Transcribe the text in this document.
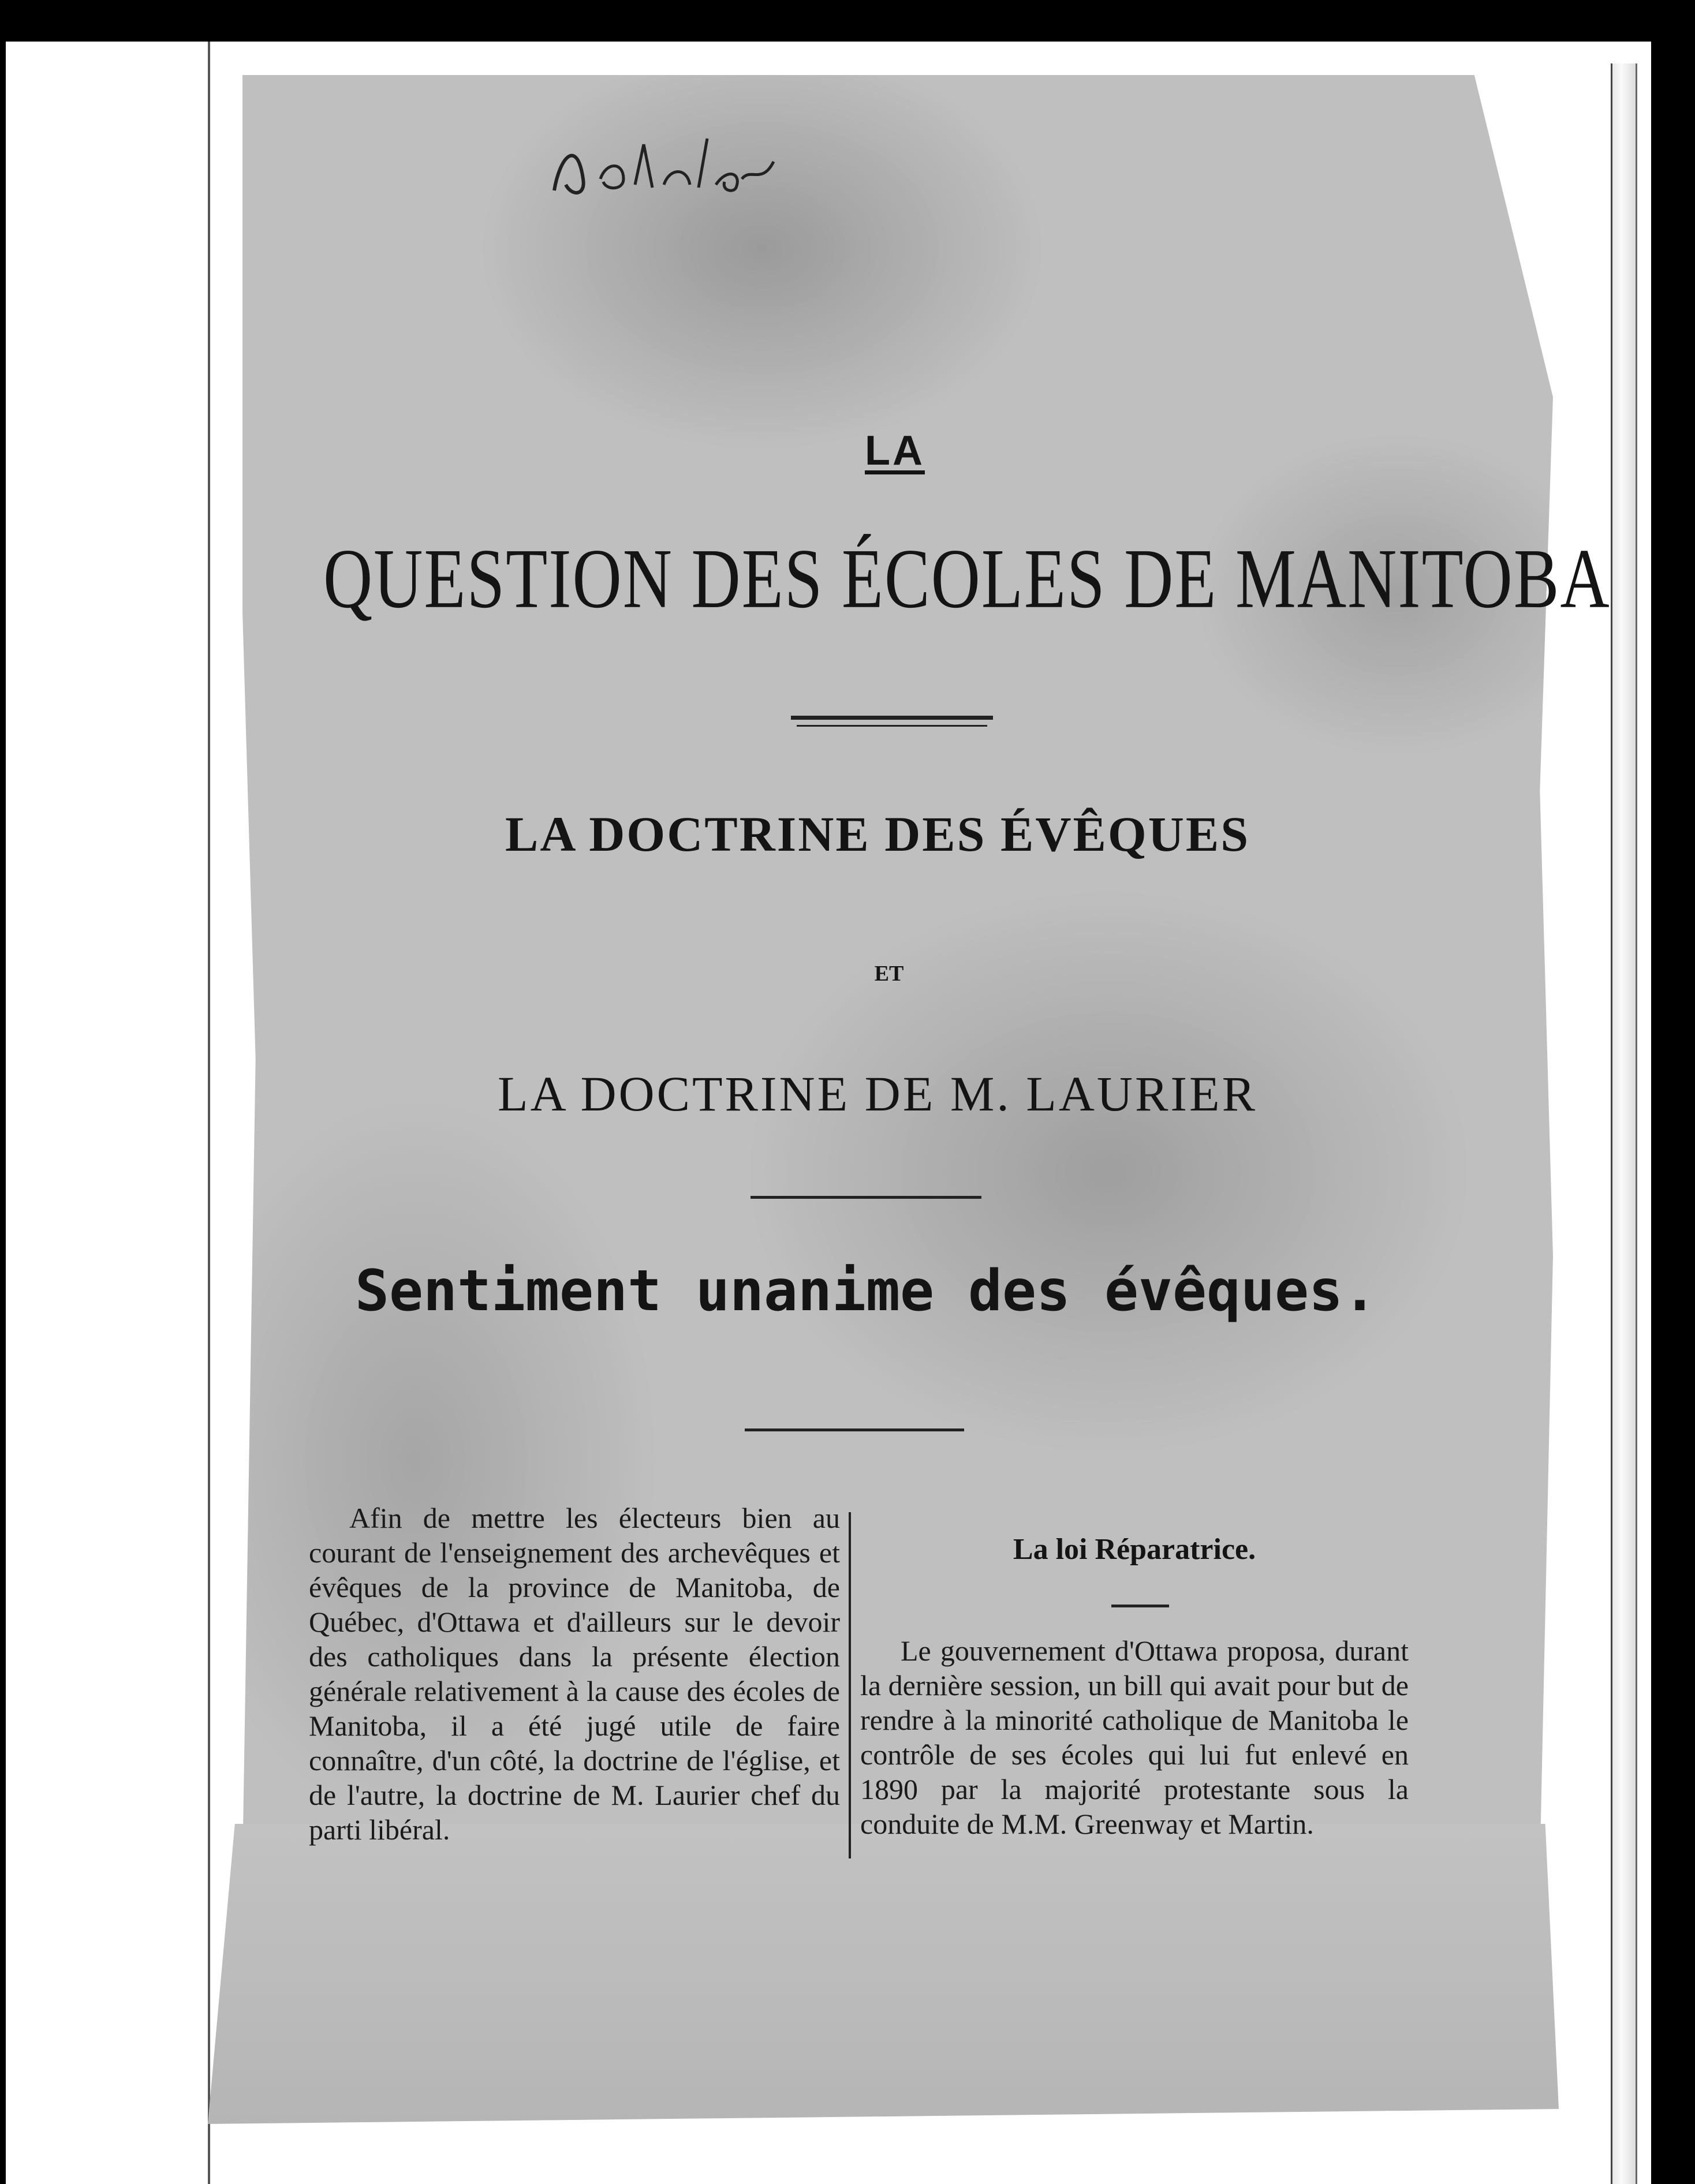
LA
QUESTION DES ÉCOLES DE MANITOBA
LA DOCTRINE DES ÉVÊQUES
ET
LA DOCTRINE DE M. LAURIER
Sentiment unanime des évêques.

Afin de mettre les électeurs bien au courant de l'enseignement des archevêques et évêques de la province de Manitoba, de Québec, d'Ottawa et d'ailleurs sur le devoir des catholiques dans la présente élection générale relativement à la cause des écoles de Manitoba, il a été jugé utile de faire connaître, d'un côté, la doctrine de l'église, et de l'autre, la doctrine de M. Laurier chef du parti libéral.

La loi Réparatrice.

Le gouvernement d'Ottawa proposa, durant la dernière session, un bill qui avait pour but de rendre à la minorité catholique de Manitoba le contrôle de ses écoles qui lui fut enlevé en 1890 par la majorité protestante sous la conduite de M.M. Greenway et Martin.
